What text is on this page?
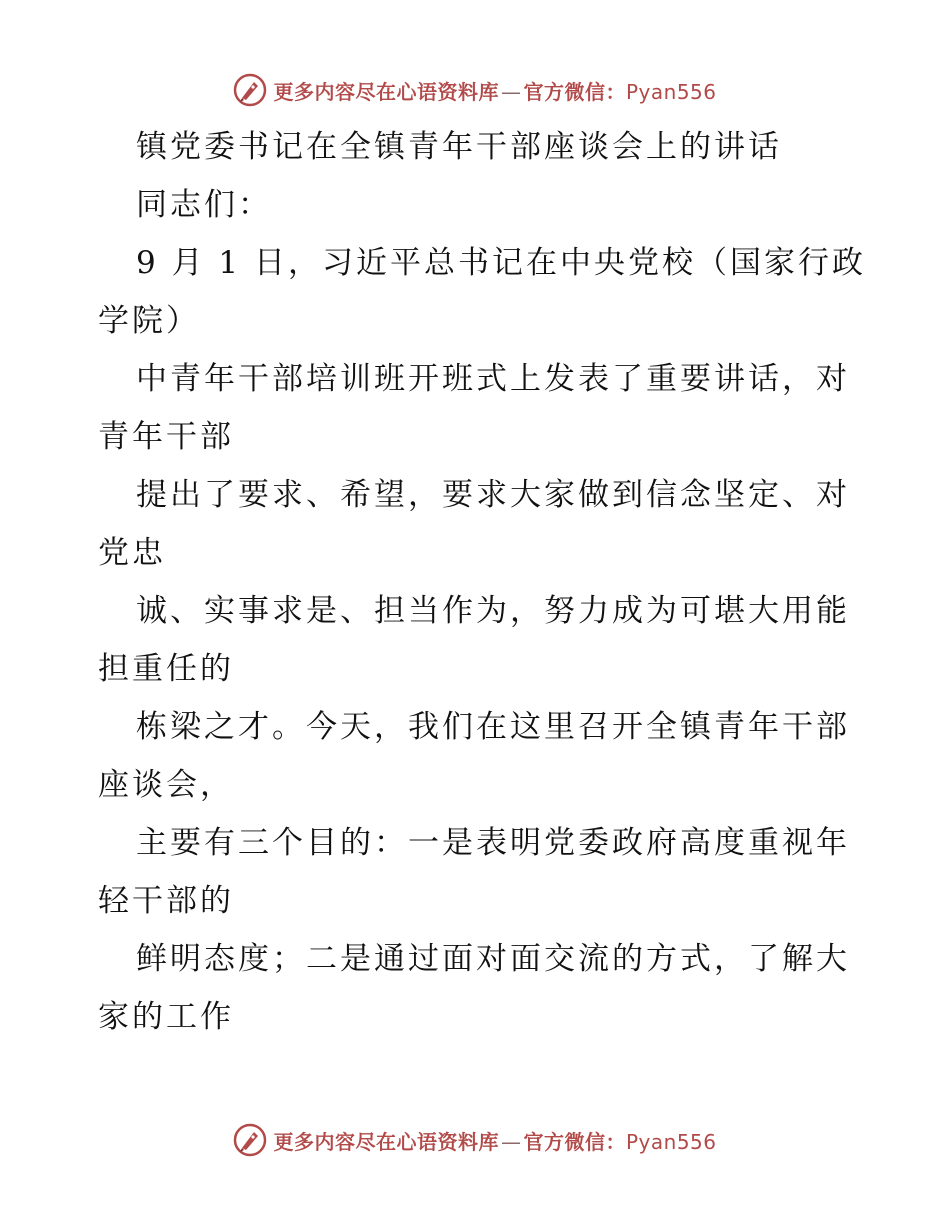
更多内容尽在心语资料库 — 官方微信：Pyan556

镇党委书记在全镇青年干部座谈会上的讲话

同志们：

9 月 1 日，习近平总书记在中央党校（国家行政

学院）

中青年干部培训班开班式上发表了重要讲话，对

青年干部

提出了要求、希望，要求大家做到信念坚定、对

党忠

诚、实事求是、担当作为，努力成为可堪大用能

担重任的

栋梁之才。今天，我们在这里召开全镇青年干部

座谈会，

主要有三个目的：一是表明党委政府高度重视年

轻干部的

鲜明态度；二是通过面对面交流的方式，了解大

家的工作

更多内容尽在心语资料库 — 官方微信：Pyan556
